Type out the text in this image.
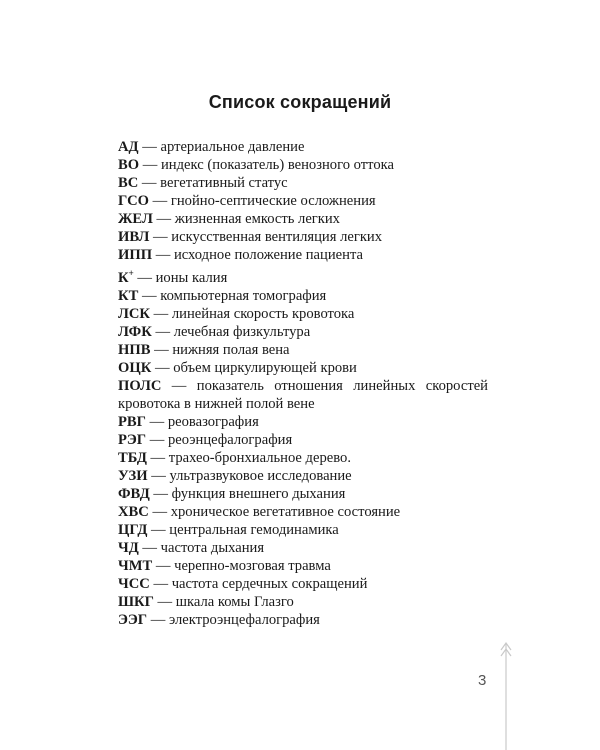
Список сокращений
АД — артериальное давление
ВО — индекс (показатель) венозного оттока
ВС — вегетативный статус
ГСО — гнойно-септические осложнения
ЖЕЛ — жизненная емкость легких
ИВЛ — искусственная вентиляция легких
ИПП — исходное положение пациента
К+ — ионы калия
КТ — компьютерная томография
ЛСК — линейная скорость кровотока
ЛФК — лечебная физкультура
НПВ — нижняя полая вена
ОЦК — объем циркулирующей крови
ПОЛС — показатель отношения линейных скоростей кровотока в нижней полой вене
РВГ — реовазография
РЭГ — реоэнцефалография
ТБД — трахео-бронхиальное дерево.
УЗИ — ультразвуковое исследование
ФВД — функция внешнего дыхания
ХВС — хроническое вегетативное состояние
ЦГД — центральная гемодинамика
ЧД — частота дыхания
ЧМТ — черепно-мозговая травма
ЧСС — частота сердечных сокращений
ШКГ — шкала комы Глазго
ЭЭГ — электроэнцефалография
3
